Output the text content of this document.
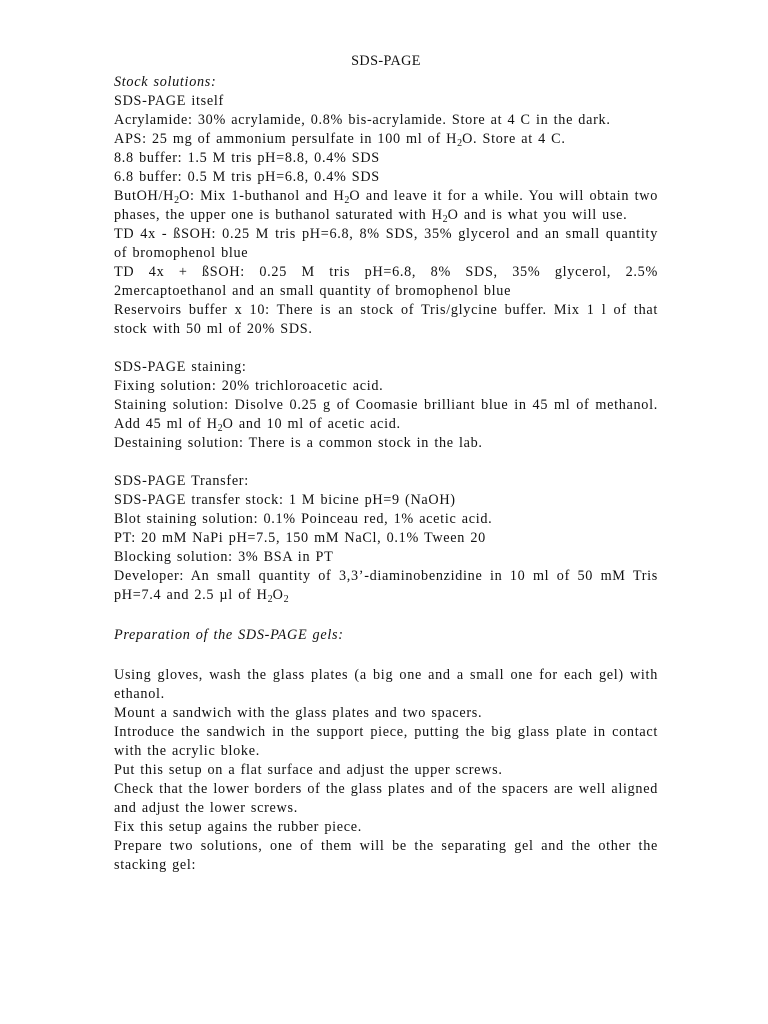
SDS-PAGE

Stock solutions:

SDS-PAGE itself

Acrylamide: 30% acrylamide, 0.8% bis-acrylamide. Store at 4 C in the dark.

APS: 25 mg of ammonium persulfate in 100 ml of $H_2O$. Store at 4 C.

8.8 buffer: 1.5 M tris pH=8.8, 0.4% SDS

6.8 buffer: 0.5 M tris pH=6.8, 0.4% SDS

ButOH/$H_2O$: Mix 1-buthanol and $H_2O$ and leave it for a while. You will obtain two phases, the upper one is buthanol saturated with $H_2O$ and is what you will use.

TD 4x - ßSOH: 0.25 M tris pH=6.8, 8% SDS, 35% glycerol and an small quantity of bromophenol blue

TD 4x + ßSOH: 0.25 M tris pH=6.8, 8% SDS, 35% glycerol, 2.5% 2mercaptoethanol and an small quantity of bromophenol blue

Reservoirs buffer x 10: There is an stock of Tris/glycine buffer. Mix 1 l of that stock with 50 ml of 20% SDS.

SDS-PAGE staining:

Fixing solution: 20% trichloroacetic acid.

Staining solution: Disolve 0.25 g of Coomasie brilliant blue in 45 ml of methanol. Add 45 ml of $H_2O$ and 10 ml of acetic acid.

Destaining solution: There is a common stock in the lab.

SDS-PAGE Transfer:

SDS-PAGE transfer stock: 1 M bicine pH=9 (NaOH)

Blot staining solution: 0.1% Poinceau red, 1% acetic acid.

PT: 20 mM NaPi pH=7.5, 150 mM NaCl, 0.1% Tween 20

Blocking solution: 3% BSA in PT

Developer: An small quantity of 3,3’-diaminobenzidine in 10 ml of 50 mM Tris pH=7.4 and 2.5 µl of $H_2O_2$

Preparation of the SDS-PAGE gels:

Using gloves, wash the glass plates (a big one and a small one for each gel) with ethanol.

Mount a sandwich with the glass plates and two spacers.

Introduce the sandwich in the support piece, putting the big glass plate in contact with the acrylic bloke.

Put this setup on a flat surface and adjust the upper screws.

Check that the lower borders of the glass plates and of the spacers are well aligned and adjust the lower screws.

Fix this setup agains the rubber piece.

Prepare two solutions, one of them will be the separating gel and the other the stacking gel:
